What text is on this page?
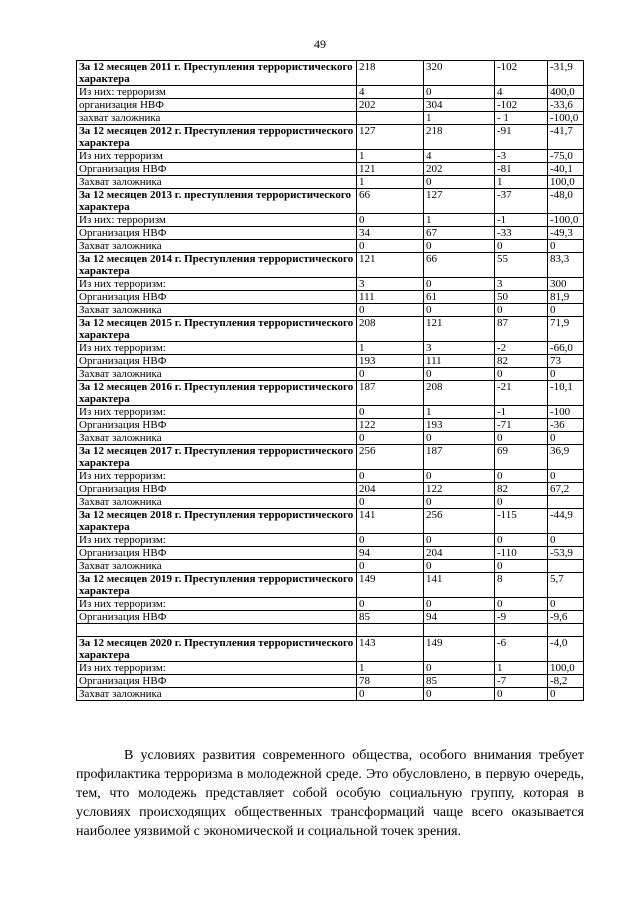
49
За 12 месяцев 2011 г. Преступления террористического характера	218	320	-102	-31,9
Из них: терроризм	4	0	4	400,0
организация НВФ	202	304	-102	-33,6
захват заложника		1	- 1	-100,0
За 12 месяцев 2012 г. Преступления террористического характера	127	218	-91	-41,7
Из них терроризм	1	4	-3	-75,0
Организация НВФ	121	202	-81	-40,1
Захват заложника	1	0	1	100,0
За 12 месяцев 2013 г. преступления террористического характера	66	127	-37	-48,0
Из них: терроризм	0	1	-1	-100,0
Организация НВФ	34	67	-33	-49,3
Захват заложника	0	0	0	0
За 12 месяцев 2014 г. Преступления террористического характера	121	66	55	83,3
Из них терроризм:	3	0	3	300
Организация НВФ	111	61	50	81,9
Захват заложника	0	0	0	0
За 12 месяцев 2015 г. Преступления террористического характера	208	121	87	71,9
Из них терроризм:	1	3	-2	-66,0
Организация НВФ	193	111	82	73
Захват заложника	0	0	0	0
За 12 месяцев 2016 г. Преступления террористического характера	187	208	-21	-10,1
Из них терроризм:	0	1	-1	-100
Организация НВФ	122	193	-71	-36
Захват заложника	0	0	0	0
За 12 месяцев 2017 г. Преступления террористического характера	256	187	69	36,9
Из них терроризм:	0	0	0	0
Организация НВФ	204	122	82	67,2
Захват заложника	0	0	0	
За 12 месяцев 2018 г. Преступления террористического характера	141	256	-115	-44,9
Из них терроризм:	0	0	0	0
Организация НВФ	94	204	-110	-53,9
Захват заложника	0	0	0	
За 12 месяцев 2019 г. Преступления террористического характера	149	141	8	5,7
Из них терроризм:	0	0	0	0
Организация НВФ	85	94	-9	-9,6

За 12 месяцев 2020 г. Преступления террористического характера	143	149	-6	-4,0
Из них терроризм:	1	0	1	100,0
Организация НВФ	78	85	-7	-8,2
Захват заложника	0	0	0	0

В условиях развития современного общества, особого внимания требует профилактика терроризма в молодежной среде. Это обусловлено, в первую очередь, тем, что молодежь представляет собой особую социальную группу, которая в условиях происходящих общественных трансформаций чаще всего оказывается наиболее уязвимой с экономической и социальной точек зрения.
